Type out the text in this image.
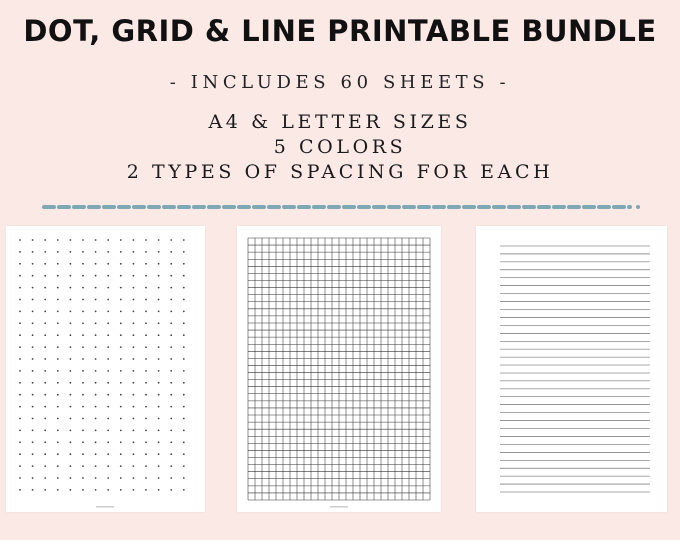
DOT, GRID & LINE PRINTABLE BUNDLE
- INCLUDES 60 SHEETS -
A4 & LETTER SIZES
5 COLORS
2 TYPES OF SPACING FOR EACH
